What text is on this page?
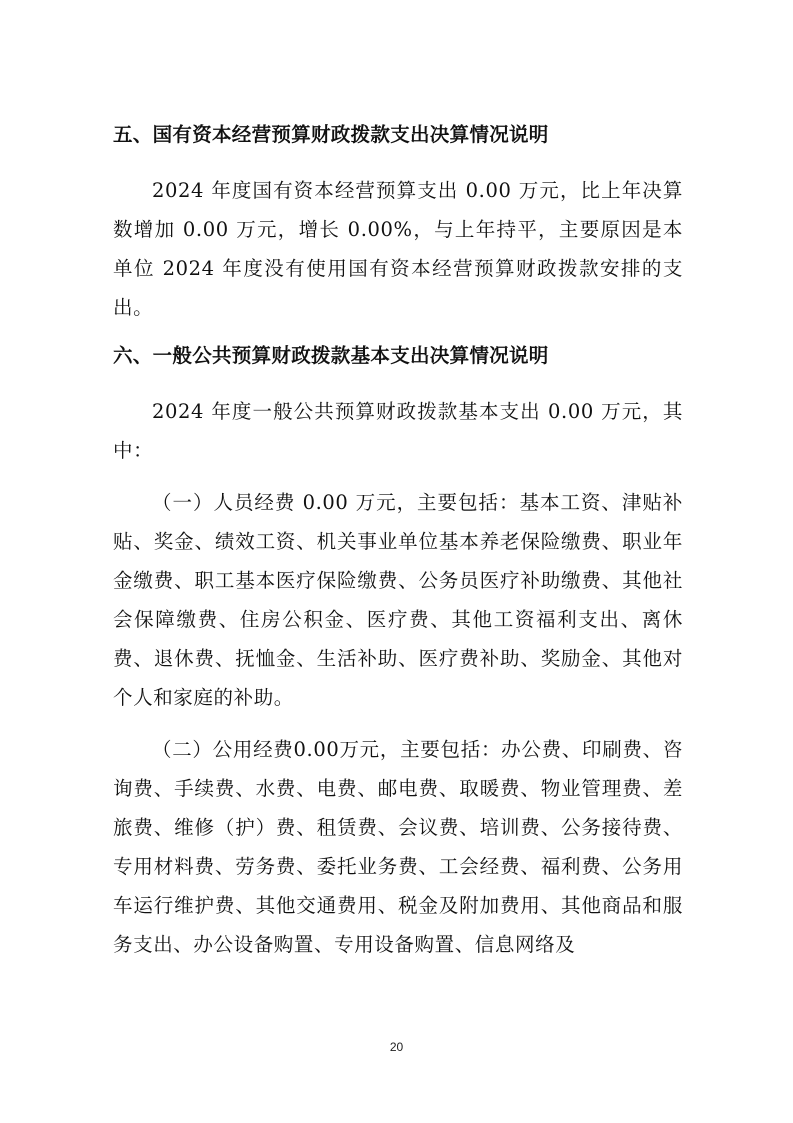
五、国有资本经营预算财政拨款支出决算情况说明

2024 年度国有资本经营预算支出 0.00 万元，比上年决算数增加 0.00 万元，增长 0.00%，与上年持平，主要原因是本单位 2024 年度没有使用国有资本经营预算财政拨款安排的支出。

六、一般公共预算财政拨款基本支出决算情况说明

2024 年度一般公共预算财政拨款基本支出 0.00 万元，其中：

（一）人员经费 0.00 万元，主要包括：基本工资、津贴补贴、奖金、绩效工资、机关事业单位基本养老保险缴费、职业年金缴费、职工基本医疗保险缴费、公务员医疗补助缴费、其他社会保障缴费、住房公积金、医疗费、其他工资福利支出、离休费、退休费、抚恤金、生活补助、医疗费补助、奖励金、其他对个人和家庭的补助。

（二）公用经费0.00万元，主要包括：办公费、印刷费、咨询费、手续费、水费、电费、邮电费、取暖费、物业管理费、差旅费、维修（护）费、租赁费、会议费、培训费、公务接待费、专用材料费、劳务费、委托业务费、工会经费、福利费、公务用车运行维护费、其他交通费用、税金及附加费用、其他商品和服务支出、办公设备购置、专用设备购置、信息网络及

20
